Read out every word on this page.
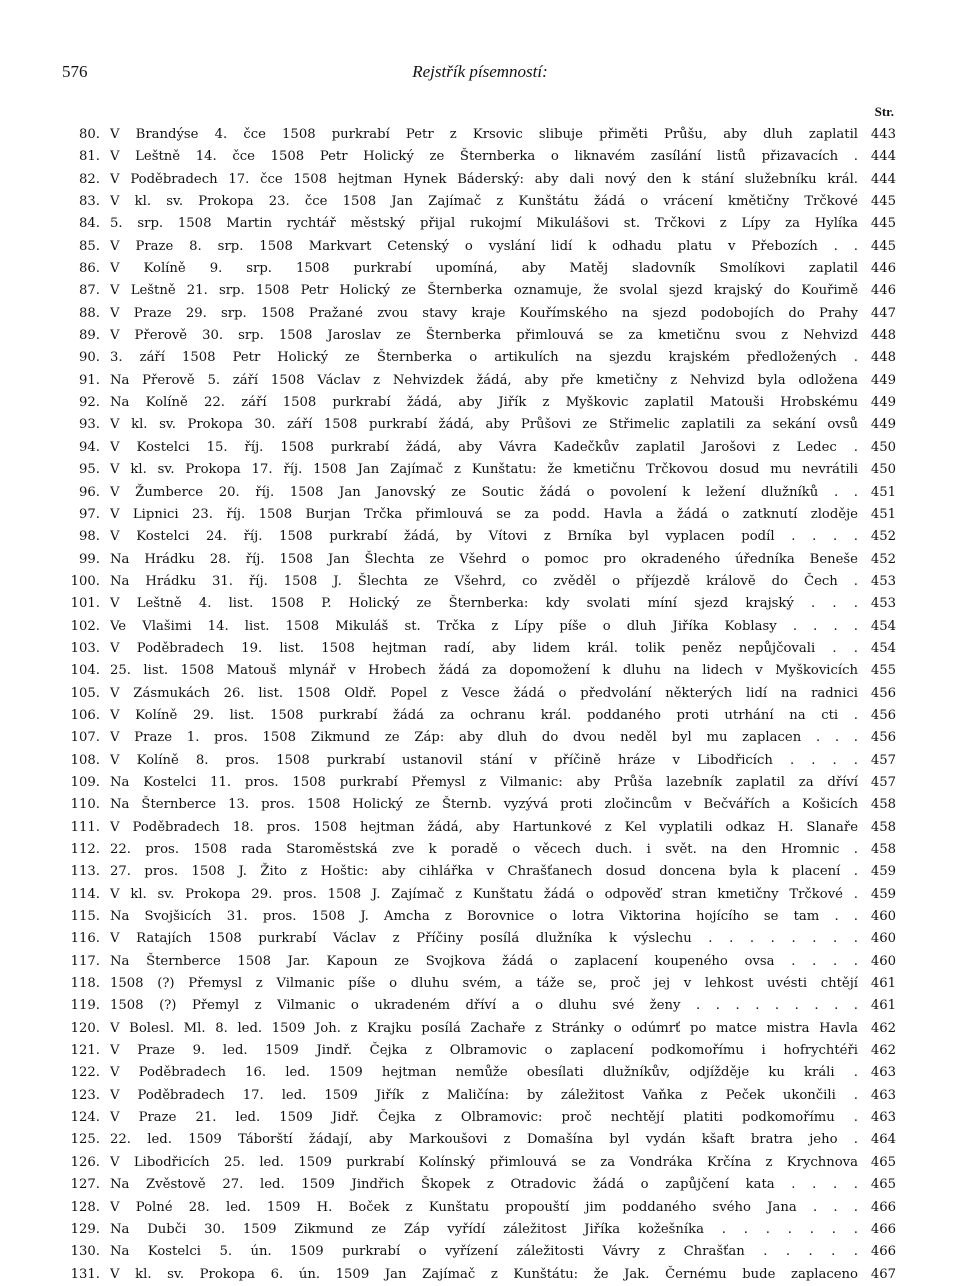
576	Rejstřík písemností:
Str.
80. V Brandýse 4. čce 1508 purkrabí Petr z Krsovic slibuje přiměti Průšu, aby dluh zaplatil 443
81. V Leštně 14. čce 1508 Petr Holický ze Šternberka o liknavém zasílání listů přizavacích . 444
82. V Poděbradech 17. čce 1508 hejtman Hynek Báderský: aby dali nový den k stání služebníku král. 444
83. V kl. sv. Prokopa 23. čce 1508 Jan Zajímač z Kunštátu žádá o vrácení kmětičny Trčkové 445
84. 5. srp. 1508 Martin rychtář městský přijal rukojmí Mikulášovi st. Trčkovi z Lípy za Hylíka 445
85. V Praze 8. srp. 1508 Markvart Cetenský o vyslání lidí k odhadu platu v Přebozích . . 445
86. V Kolíně 9. srp. 1508 purkrabí upomíná, aby Matěj sladovník Smolíkovi zaplatil 446
87. V Leštně 21. srp. 1508 Petr Holický ze Šternberka oznamuje, že svolal sjezd krajský do Kouřimě 446
88. V Praze 29. srp. 1508 Pražané zvou stavy kraje Kouřímského na sjezd podobojích do Prahy 447
89. V Přerově 30. srp. 1508 Jaroslav ze Šternberka přimlouvá se za kmetičnu svou z Nehvizd 448
90. 3. září 1508 Petr Holický ze Šternberka o artikulích na sjezdu krajském předložených . 448
91. Na Přerově 5. září 1508 Václav z Nehvizdek žádá, aby pře kmetičny z Nehvizd byla odložena 449
92. Na Kolíně 22. září 1508 purkrabí žádá, aby Jiřík z Myškovic zaplatil Matouši Hrobskému 449
93. V kl. sv. Prokopa 30. září 1508 purkrabí žádá, aby Průšovi ze Střimelic zaplatili za sekání ovsů 449
94. V Kostelci 15. říj. 1508 purkrabí žádá, aby Vávra Kadečkův zaplatil Jarošovi z Ledec . 450
95. V kl. sv. Prokopa 17. říj. 1508 Jan Zajímač z Kunštatu: že kmetičnu Trčkovou dosud mu nevrátili 450
96. V Žumberce 20. říj. 1508 Jan Janovský ze Soutic žádá o povolení k ležení dlužníků . . 451
97. V Lipnici 23. říj. 1508 Burjan Trčka přimlouvá se za podd. Havla a žádá o zatknutí zloděje 451
98. V Kostelci 24. říj. 1508 purkrabí žádá, by Vítovi z Brníka byl vyplacen podíl . . . . 452
99. Na Hrádku 28. říj. 1508 Jan Šlechta ze Všehrd o pomoc pro okradeného úředníka Beneše 452
100. Na Hrádku 31. říj. 1508 J. Šlechta ze Všehrd, co zvěděl o příjezdě královĕ do Čech . 453
101. V Leštně 4. list. 1508 P. Holický ze Šternberka: kdy svolati míní sjezd krajský . . . 453
102. Ve Vlašimi 14. list. 1508 Mikuláš st. Trčka z Lípy píše o dluh Jiříka Koblasy . . . . 454
103. V Poděbradech 19. list. 1508 hejtman radí, aby lidem král. tolik peněz nepůjčovali . . 454
104. 25. list. 1508 Matouš mlynář v Hrobech žádá za dopomožení k dluhu na lidech v Myškovicích 455
105. V Zásmukách 26. list. 1508 Oldř. Popel z Vesce žádá o předvolání některých lidí na radnici 456
106. V Kolíně 29. list. 1508 purkrabí žádá za ochranu král. poddaného proti utrhání na cti . 456
107. V Praze 1. pros. 1508 Zikmund ze Záp: aby dluh do dvou neděl byl mu zaplacen . . . 456
108. V Kolíně 8. pros. 1508 purkrabí ustanovil stání v příčině hráze v Libodřicích . . . . 457
109. Na Kostelci 11. pros. 1508 purkrabí Přemysl z Vilmanic: aby Průša lazebník zaplatil za dříví 457
110. Na Šternberce 13. pros. 1508 Holický ze Šternb. vyzývá proti zločincům v Bečvářích a Košicích 458
111. V Poděbradech 18. pros. 1508 hejtman žádá, aby Hartunkové z Kel vyplatili odkaz H. Slanaře 458
112. 22. pros. 1508 rada Staroměstská zve k poradě o věcech duch. i svět. na den Hromnic . 458
113. 27. pros. 1508 J. Žito z Hoštic: aby cihlářka v Chrašťanech dosud doncena byla k placení . 459
114. V kl. sv. Prokopa 29. pros. 1508 J. Zajímač z Kunštatu žádá o odpověď stran kmetičny Trčkové . 459
115. Na Svojšicích 31. pros. 1508 J. Amcha z Borovnice o lotra Viktorina hojícího se tam . . 460
116. V Ratajích 1508 purkrabí Václav z Příčiny posílá dlužníka k výslechu . . . . . . . . 460
117. Na Šternberce 1508 Jar. Kapoun ze Svojkova žádá o zaplacení koupeného ovsa . . . . 460
118. 1508 (?) Přemysl z Vilmanic píše o dluhu svém, a táže se, proč jej v lehkost uvésti chtějí 461
119. 1508 (?) Přemyl z Vilmanic o ukradeném dříví a o dluhu své ženy . . . . . . . . . 461
120. V Bolesl. Ml. 8. led. 1509 Joh. z Krajku posílá Zachaře z Stránky o odúmrť po matce mistra Havla 462
121. V Praze 9. led. 1509 Jindř. Čejka z Olbramovic o zaplacení podkomořímu i hofrychtéři 462
122. V Poděbradech 16. led. 1509 hejtman nemůže obesílati dlužníkův, odjížděje ku králi . 463
123. V Poděbradech 17. led. 1509 Jiřík z Maličína: by záležitost Vaňka z Peček ukončili . 463
124. V Praze 21. led. 1509 Jidř. Čejka z Olbramovic: proč nechtějí platiti podkomořímu . 463
125. 22. led. 1509 Táborští žádají, aby Markoušovi z Domašína byl vydán kšaft bratra jeho . 464
126. V Libodřicích 25. led. 1509 purkrabí Kolínský přimlouvá se za Vondráka Krčína z Krychnova 465
127. Na Zvěstově 27. led. 1509 Jindřich Škopek z Otradovic žádá o zapůjčení kata . . . . 465
128. V Polné 28. led. 1509 H. Boček z Kunštatu propouští jim poddaného svého Jana . . . 466
129. Na Dubči 30. 1509 Zikmund ze Záp vyřídí záležitost Jiříka kožešníka . . . . . . . 466
130. Na Kostelci 5. ún. 1509 purkrabí o vyřízení záležitosti Vávry z Chrašťan . . . . . 466
131. V kl. sv. Prokopa 6. ún. 1509 Jan Zajímač z Kunštátu: že Jak. Černému bude zaplaceno 467
